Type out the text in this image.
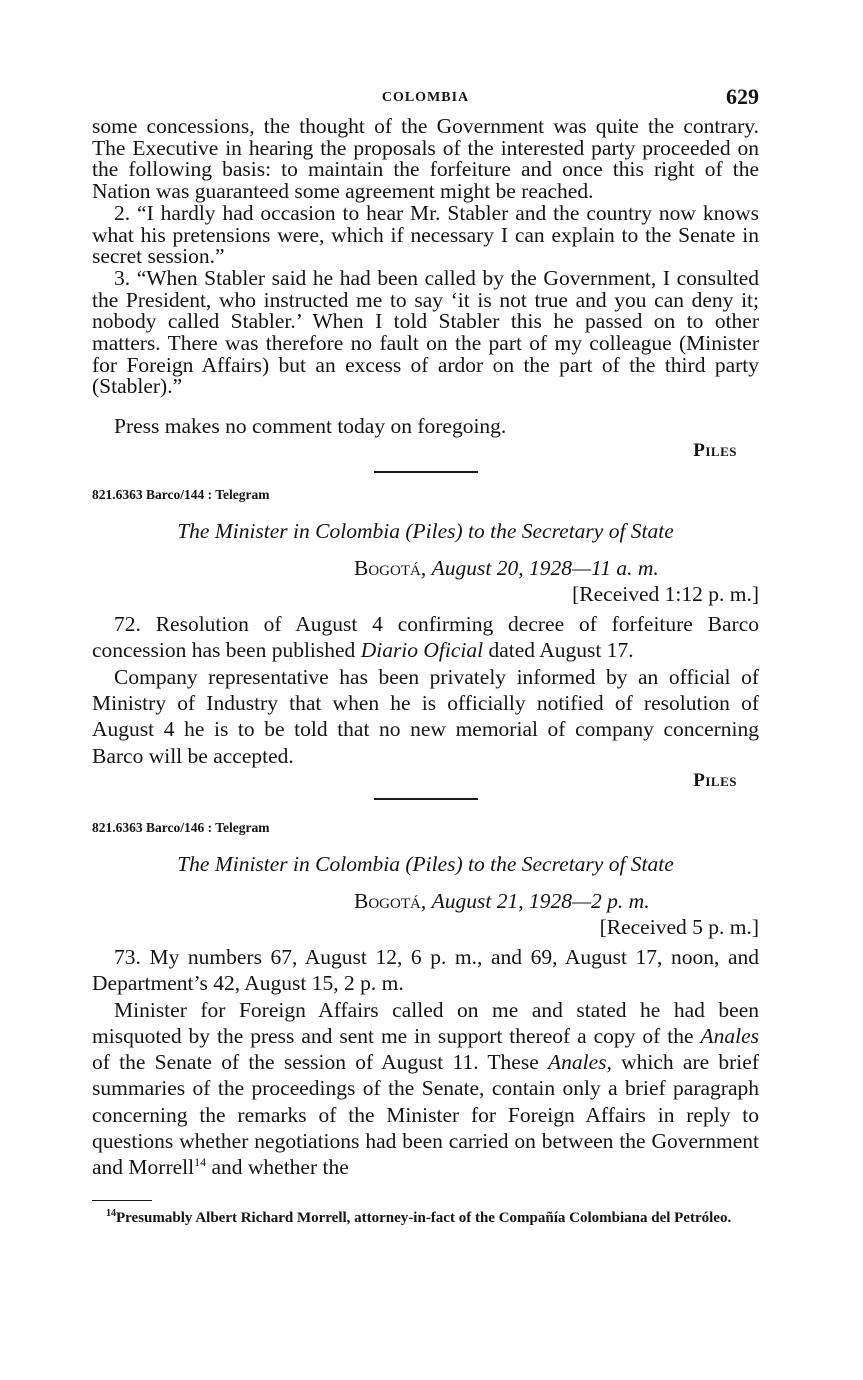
COLOMBIA	629

some concessions, the thought of the Government was quite the contrary. The Executive in hearing the proposals of the interested party proceeded on the following basis: to maintain the forfeiture and once this right of the Nation was guaranteed some agreement might be reached.

2. “I hardly had occasion to hear Mr. Stabler and the country now knows what his pretensions were, which if necessary I can explain to the Senate in secret session.”

3. “When Stabler said he had been called by the Government, I consulted the President, who instructed me to say ‘it is not true and you can deny it; nobody called Stabler.’ When I told Stabler this he passed on to other matters. There was therefore no fault on the part of my colleague (Minister for Foreign Affairs) but an excess of ardor on the part of the third party (Stabler).”

Press makes no comment today on foregoing.

Piles

821.6363 Barco/144 : Telegram

The Minister in Colombia (Piles) to the Secretary of State

Bogotá, August 20, 1928—11 a. m.

[Received 1:12 p. m.]

72. Resolution of August 4 confirming decree of forfeiture Barco concession has been published Diario Oficial dated August 17.

Company representative has been privately informed by an official of Ministry of Industry that when he is officially notified of resolution of August 4 he is to be told that no new memorial of company concerning Barco will be accepted.

Piles

821.6363 Barco/146 : Telegram

The Minister in Colombia (Piles) to the Secretary of State

Bogotá, August 21, 1928—2 p. m.

[Received 5 p. m.]

73. My numbers 67, August 12, 6 p. m., and 69, August 17, noon, and Department’s 42, August 15, 2 p. m.

Minister for Foreign Affairs called on me and stated he had been misquoted by the press and sent me in support thereof a copy of the Anales of the Senate of the session of August 11. These Anales, which are brief summaries of the proceedings of the Senate, contain only a brief paragraph concerning the remarks of the Minister for Foreign Affairs in reply to questions whether negotiations had been carried on between the Government and Morrell$^{14}$ and whether the

$^{14}$Presumably Albert Richard Morrell, attorney-in-fact of the Compañía Colombiana del Petróleo.
